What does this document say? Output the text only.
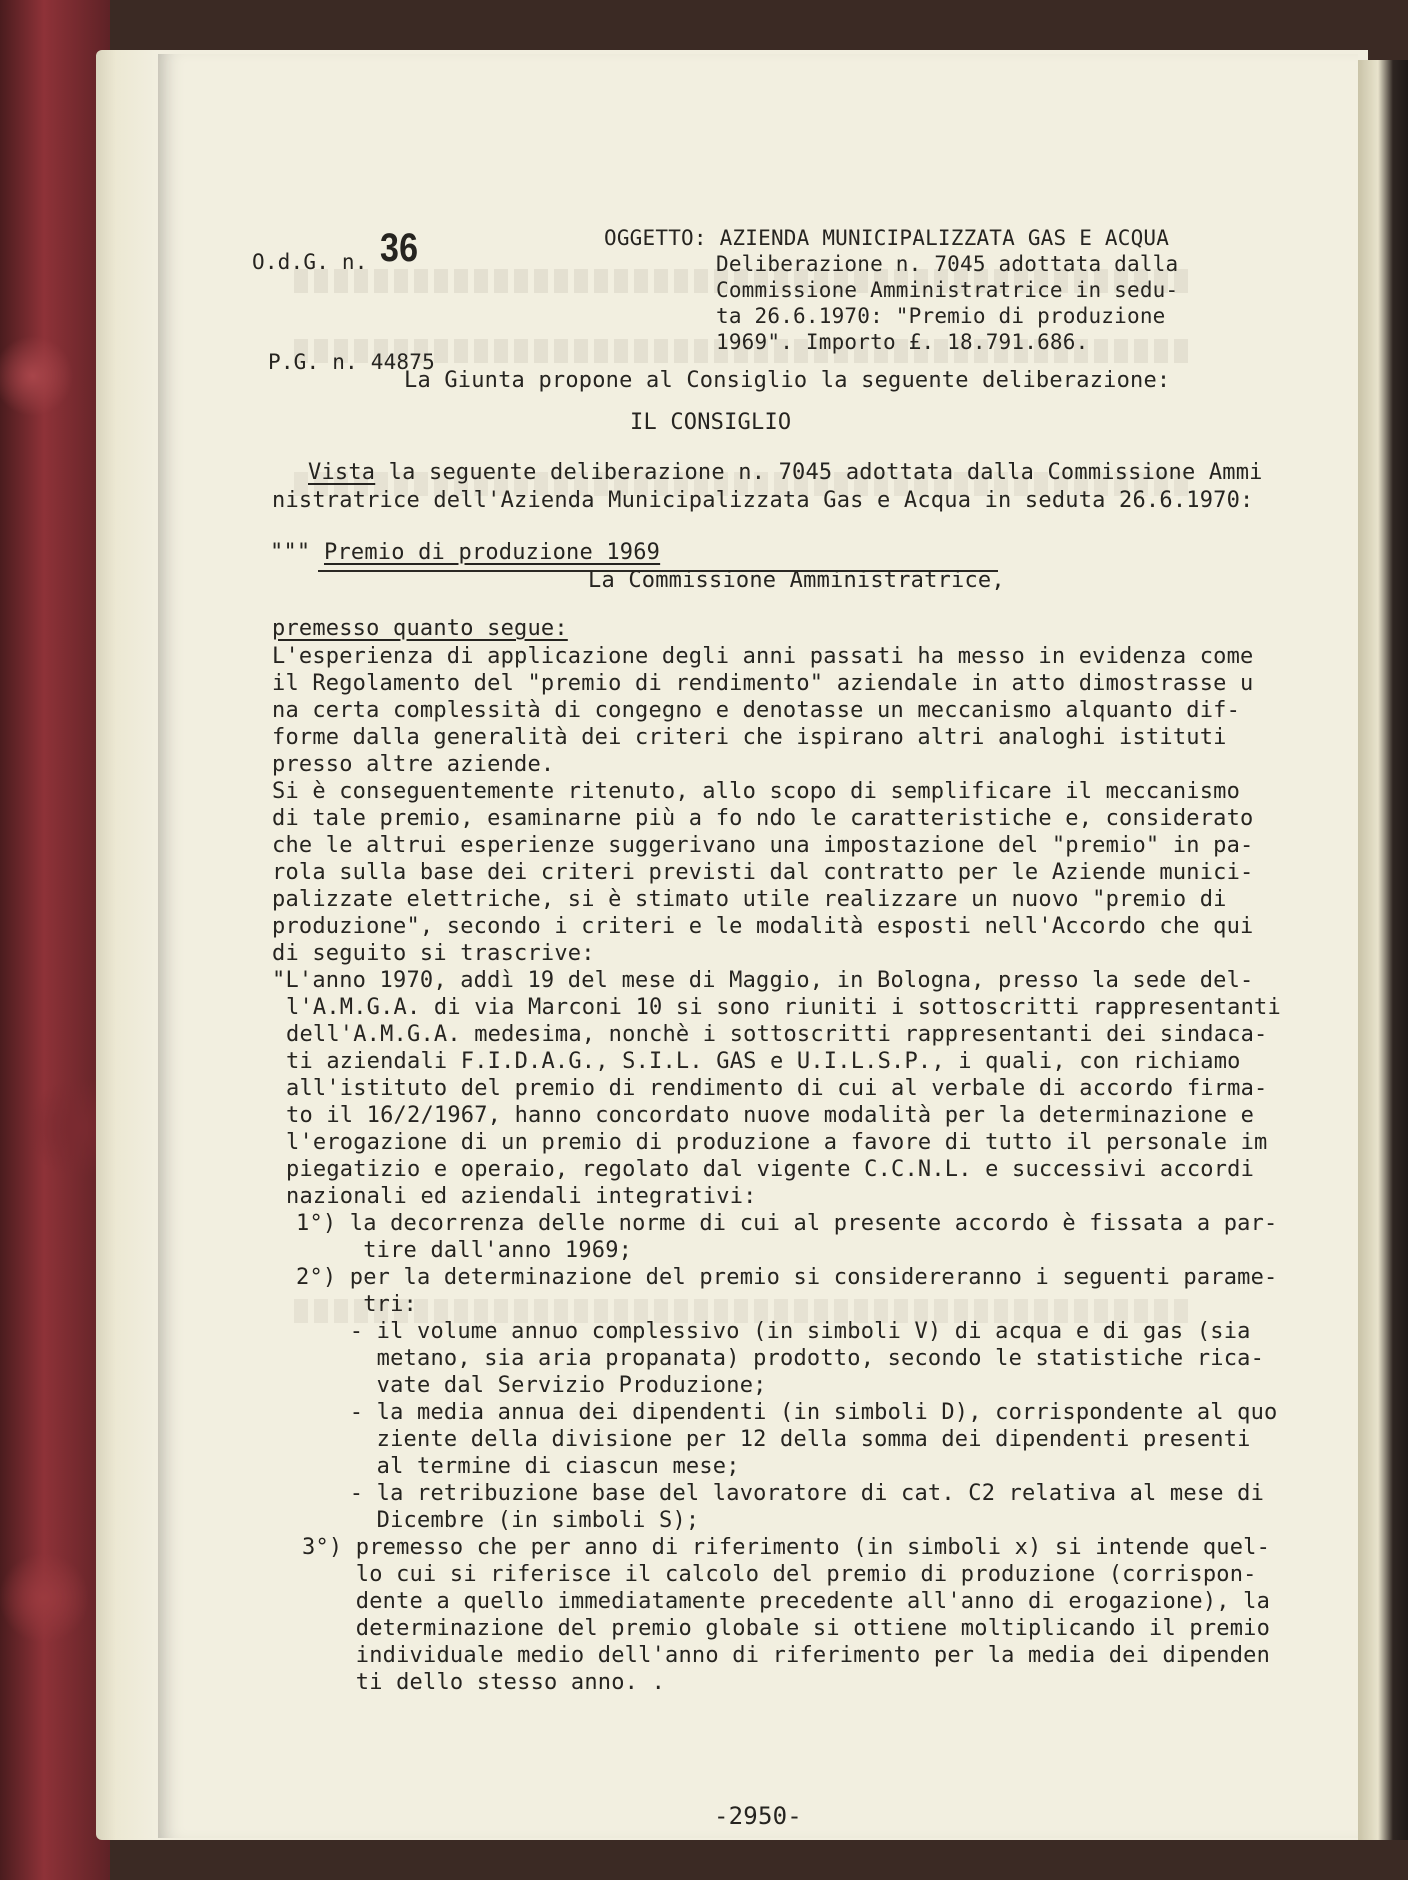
O.d.G. n. 36
P.G. n. 44875
OGGETTO: AZIENDA MUNICIPALIZZATA GAS E ACQUA
Deliberazione n. 7045 adottata dalla
Commissione Amministratrice in sedu-
ta 26.6.1970: "Premio di produzione
1969". Importo £. 18.791.686.
La Giunta propone al Consiglio la seguente deliberazione:
IL CONSIGLIO
Vista la seguente deliberazione n. 7045 adottata dalla Commissione Ammi
nistratrice dell'Azienda Municipalizzata Gas e Acqua in seduta 26.6.1970:
""" Premio di produzione 1969
La Commissione Amministratrice,
premesso quanto segue:
L'esperienza di applicazione degli anni passati ha messo in evidenza come
il Regolamento del "premio di rendimento" aziendale in atto dimostrasse u
na certa complessità di congegno e denotasse un meccanismo alquanto dif-
forme dalla generalità dei criteri che ispirano altri analoghi istituti
presso altre aziende.
Si è conseguentemente ritenuto, allo scopo di semplificare il meccanismo
di tale premio, esaminarne più a fo ndo le caratteristiche e, considerato
che le altrui esperienze suggerivano una impostazione del "premio" in pa-
rola sulla base dei criteri previsti dal contratto per le Aziende munici-
palizzate elettriche, si è stimato utile realizzare un nuovo "premio di
produzione", secondo i criteri e le modalità esposti nell'Accordo che qui
di seguito si trascrive:
"L'anno 1970, addì 19 del mese di Maggio, in Bologna, presso la sede del-
l'A.M.G.A. di via Marconi 10 si sono riuniti i sottoscritti rappresentanti
dell'A.M.G.A. medesima, nonchè i sottoscritti rappresentanti dei sindaca-
ti aziendali F.I.D.A.G., S.I.L. GAS e U.I.L.S.P., i quali, con richiamo
all'istituto del premio di rendimento di cui al verbale di accordo firma-
to il 16/2/1967, hanno concordato nuove modalità per la determinazione e
l'erogazione di un premio di produzione a favore di tutto il personale im
piegatizio e operaio, regolato dal vigente C.C.N.L. e successivi accordi
nazionali ed aziendali integrativi:
1°) la decorrenza delle norme di cui al presente accordo è fissata a par-
tire dall'anno 1969;
2°) per la determinazione del premio si considereranno i seguenti parame-
tri:
- il volume annuo complessivo (in simboli V) di acqua e di gas (sia
metano, sia aria propanata) prodotto, secondo le statistiche rica-
vate dal Servizio Produzione;
- la media annua dei dipendenti (in simboli D), corrispondente al quo
ziente della divisione per 12 della somma dei dipendenti presenti
al termine di ciascun mese;
- la retribuzione base del lavoratore di cat. C2 relativa al mese di
Dicembre (in simboli S);
3°) premesso che per anno di riferimento (in simboli x) si intende quel-
lo cui si riferisce il calcolo del premio di produzione (corrispon-
dente a quello immediatamente precedente all'anno di erogazione), la
determinazione del premio globale si ottiene moltiplicando il premio
individuale medio dell'anno di riferimento per la media dei dipenden
ti dello stesso anno. .
-2950-
